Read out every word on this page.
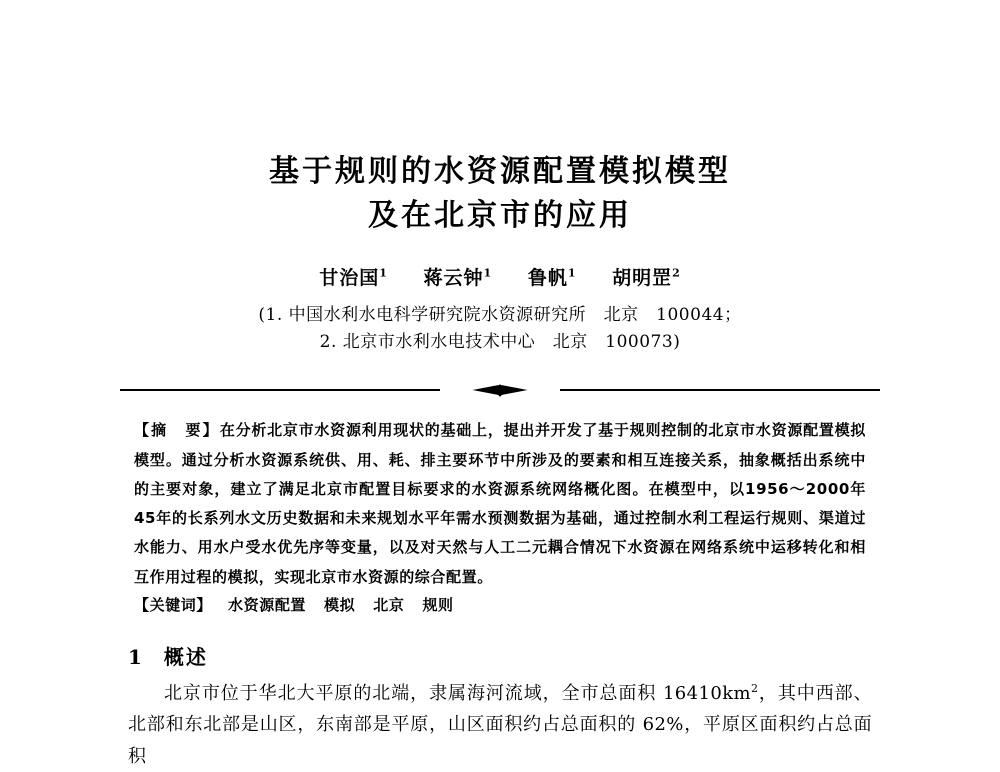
基于规则的水资源配置模拟模型
及在北京市的应用
甘治国$^1$ 蒋云钟$^1$ 鲁帆$^1$ 胡明罡$^2$
(1. 中国水利水电科学研究院水资源研究所　北京　100044；
2. 北京市水利水电技术中心　北京　100073)
【摘　要】在分析北京市水资源利用现状的基础上，提出并开发了基于规则控制的北京市水资源配置模拟模型。通过分析水资源系统供、用、耗、排主要环节中所涉及的要素和相互连接关系，抽象概括出系统中的主要对象，建立了满足北京市配置目标要求的水资源系统网络概化图。在模型中，以1956～2000年45年的长系列水文历史数据和未来规划水平年需水预测数据为基础，通过控制水利工程运行规则、渠道过水能力、用水户受水优先序等变量，以及对天然与人工二元耦合情况下水资源在网络系统中运移转化和相互作用过程的模拟，实现北京市水资源的综合配置。
【关键词】 水资源配置 模拟 北京 规则
1 概述
北京市位于华北大平原的北端，隶属海河流域，全市总面积 $16410km^2$，其中西部、北部和东北部是山区，东南部是平原，山区面积约占总面积的 62%，平原区面积约占总面积
